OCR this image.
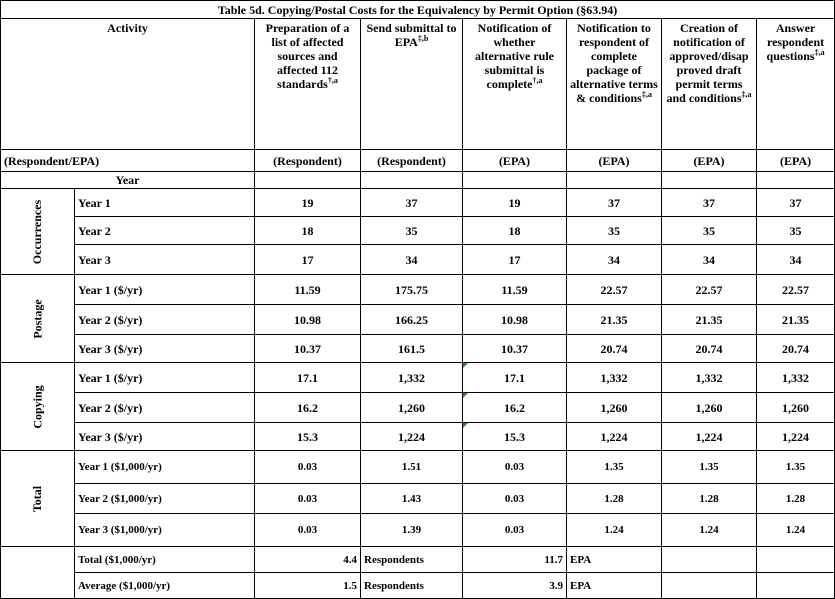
Table 5d. Copying/Postal Costs for the Equivalency by Permit Option (§63.94)							
Activity		Preparation of a list of affected sources and affected 112 standards$^{\dagger,a}$	Send submittal to $EPA^{\ddagger,b}$	Notification of whether alternative rule submittal is complete$^{\dagger,a}$	Notification to respondent of complete package of alternative terms & conditions$^{\ddagger,a}$	Creation of notification of approved/disap proved draft permit terms and conditions$^{\ddagger,a}$	Answer respondent questions$^{\ddagger,a}$
(Respondent/EPA)		(Respondent)	(Respondent)	(EPA)	(EPA)	(EPA)	(EPA)
Year							
Occurrences	Year 1	19	37	19	37	37	37
	Year 2	18	35	18	35	35	35
	Year 3	17	34	17	34	34	34
Postage	Year 1 ($/yr)	11.59	175.75	11.59	22.57	22.57	22.57
	Year 2 ($/yr)	10.98	166.25	10.98	21.35	21.35	21.35
	Year 3 ($/yr)	10.37	161.5	10.37	20.74	20.74	20.74
Copying	Year 1 ($/yr)	17.1	1,332	17.1	1,332	1,332	1,332
	Year 2 ($/yr)	16.2	1,260	16.2	1,260	1,260	1,260
	Year 3 ($/yr)	15.3	1,224	15.3	1,224	1,224	1,224
Total	Year 1 ($1,000/yr)	0.03	1.51	0.03	1.35	1.35	1.35
	Year 2 ($1,000/yr)	0.03	1.43	0.03	1.28	1.28	1.28
	Year 3 ($1,000/yr)	0.03	1.39	0.03	1.24	1.24	1.24
	Total ($1,000/yr)	4.4	Respondents	11.7	EPA		
	Average ($1,000/yr)	1.5	Respondents	3.9	EPA		
